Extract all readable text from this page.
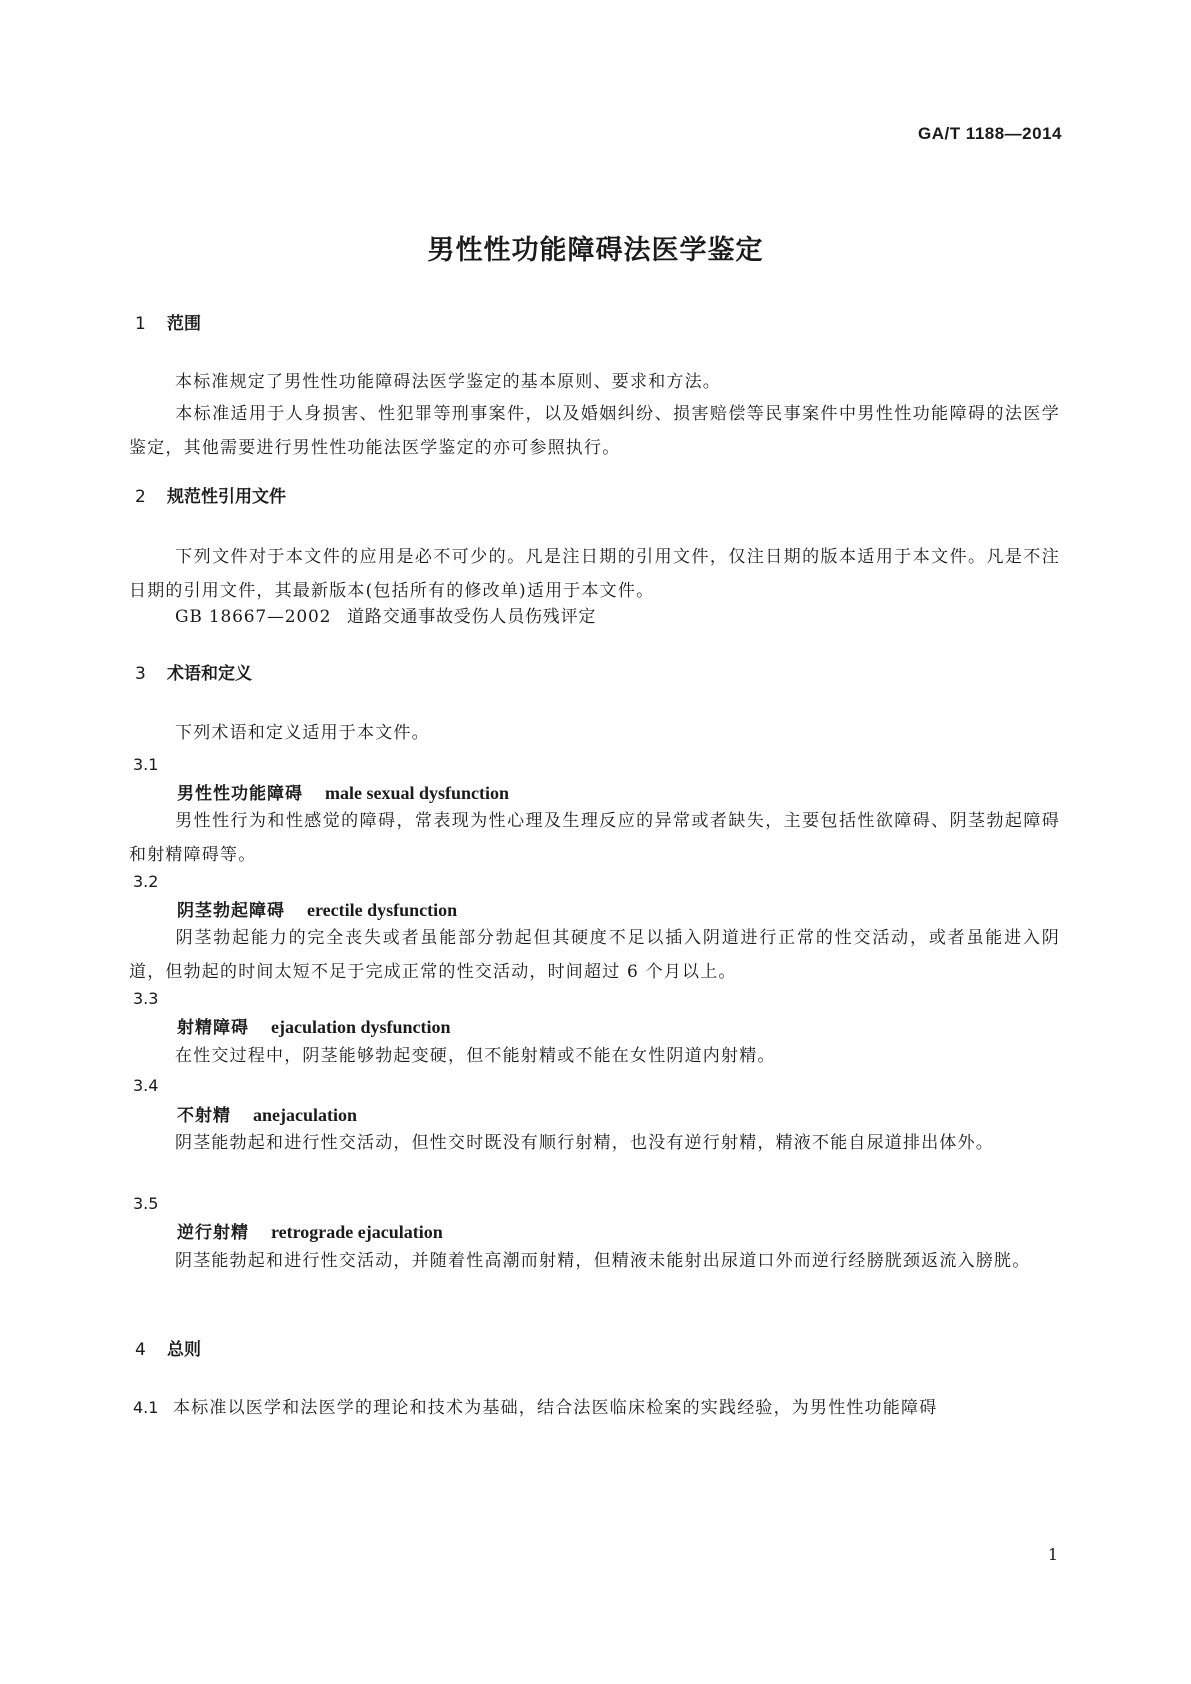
GA/T 1188—2014
男性性功能障碍法医学鉴定
1 范围
本标准规定了男性性功能障碍法医学鉴定的基本原则、要求和方法。
本标准适用于人身损害、性犯罪等刑事案件，以及婚姻纠纷、损害赔偿等民事案件中男性性功能障碍的法医学鉴定，其他需要进行男性性功能法医学鉴定的亦可参照执行。
2 规范性引用文件
下列文件对于本文件的应用是必不可少的。凡是注日期的引用文件，仅注日期的版本适用于本文件。凡是不注日期的引用文件，其最新版本(包括所有的修改单)适用于本文件。
GB 18667—2002 道路交通事故受伤人员伤残评定
3 术语和定义
下列术语和定义适用于本文件。
3.1
男性性功能障碍 male sexual dysfunction
男性性行为和性感觉的障碍，常表现为性心理及生理反应的异常或者缺失，主要包括性欲障碍、阴茎勃起障碍和射精障碍等。
3.2
阴茎勃起障碍 erectile dysfunction
阴茎勃起能力的完全丧失或者虽能部分勃起但其硬度不足以插入阴道进行正常的性交活动，或者虽能进入阴道，但勃起的时间太短不足于完成正常的性交活动，时间超过 6 个月以上。
3.3
射精障碍 ejaculation dysfunction
在性交过程中，阴茎能够勃起变硬，但不能射精或不能在女性阴道内射精。
3.4
不射精 anejaculation
阴茎能勃起和进行性交活动，但性交时既没有顺行射精，也没有逆行射精，精液不能自尿道排出体外。
3.5
逆行射精 retrograde ejaculation
阴茎能勃起和进行性交活动，并随着性高潮而射精，但精液未能射出尿道口外而逆行经膀胱颈返流入膀胱。
4 总则
4.1 本标准以医学和法医学的理论和技术为基础，结合法医临床检案的实践经验，为男性性功能障碍
1
